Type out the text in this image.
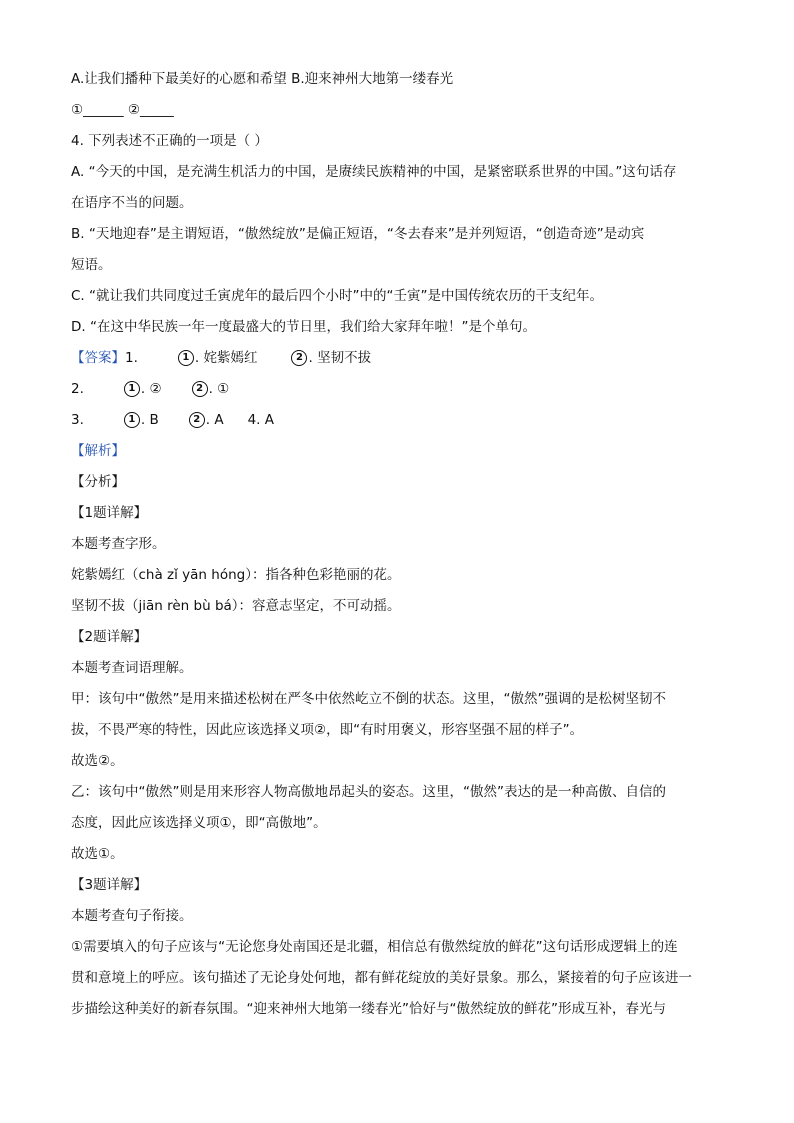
A.让我们播种下最美好的心愿和希望 B.迎来神州大地第一缕春光
①______ ②_____
4. 下列表述不正确的一项是（ ）
A. “今天的中国，是充满生机活力的中国，是赓续民族精神的中国，是紧密联系世界的中国。”这句话存
在语序不当的问题。
B. “天地迎春”是主谓短语，“傲然绽放”是偏正短语，“冬去春来”是并列短语，“创造奇迹”是动宾
短语。
C. “就让我们共同度过壬寅虎年的最后四个小时”中的“壬寅”是中国传统农历的干支纪年。
D. “在这中华民族一年一度最盛大的节日里，我们给大家拜年啦！”是个单句。
【答案】1.	1 . 姹紫嫣红	2 . 坚韧不拔
2.	1 . ②	2 . ①
3.	1 . B	2 . A 4. A
【解析】
【分析】
【1题详解】
本题考查字形。
姹紫嫣红（chà zǐ yān hóng）：指各种色彩艳丽的花。
坚韧不拔（jiān rèn bù bá）：容意志坚定，不可动摇。
【2题详解】
本题考查词语理解。
甲：该句中“傲然”是用来描述松树在严冬中依然屹立不倒的状态。这里，“傲然”强调的是松树坚韧不
拔，不畏严寒的特性，因此应该选择义项②，即“有时用褒义，形容坚强不屈的样子”。
故选②。
乙：该句中“傲然”则是用来形容人物高傲地昂起头的姿态。这里，“傲然”表达的是一种高傲、自信的
态度，因此应该选择义项①，即“高傲地”。
故选①。
【3题详解】
本题考查句子衔接。
①需要填入的句子应该与“无论您身处南国还是北疆，相信总有傲然绽放的鲜花”这句话形成逻辑上的连
贯和意境上的呼应。该句描述了无论身处何地，都有鲜花绽放的美好景象。那么，紧接着的句子应该进一
步描绘这种美好的新春氛围。“迎来神州大地第一缕春光”恰好与“傲然绽放的鲜花”形成互补，春光与
